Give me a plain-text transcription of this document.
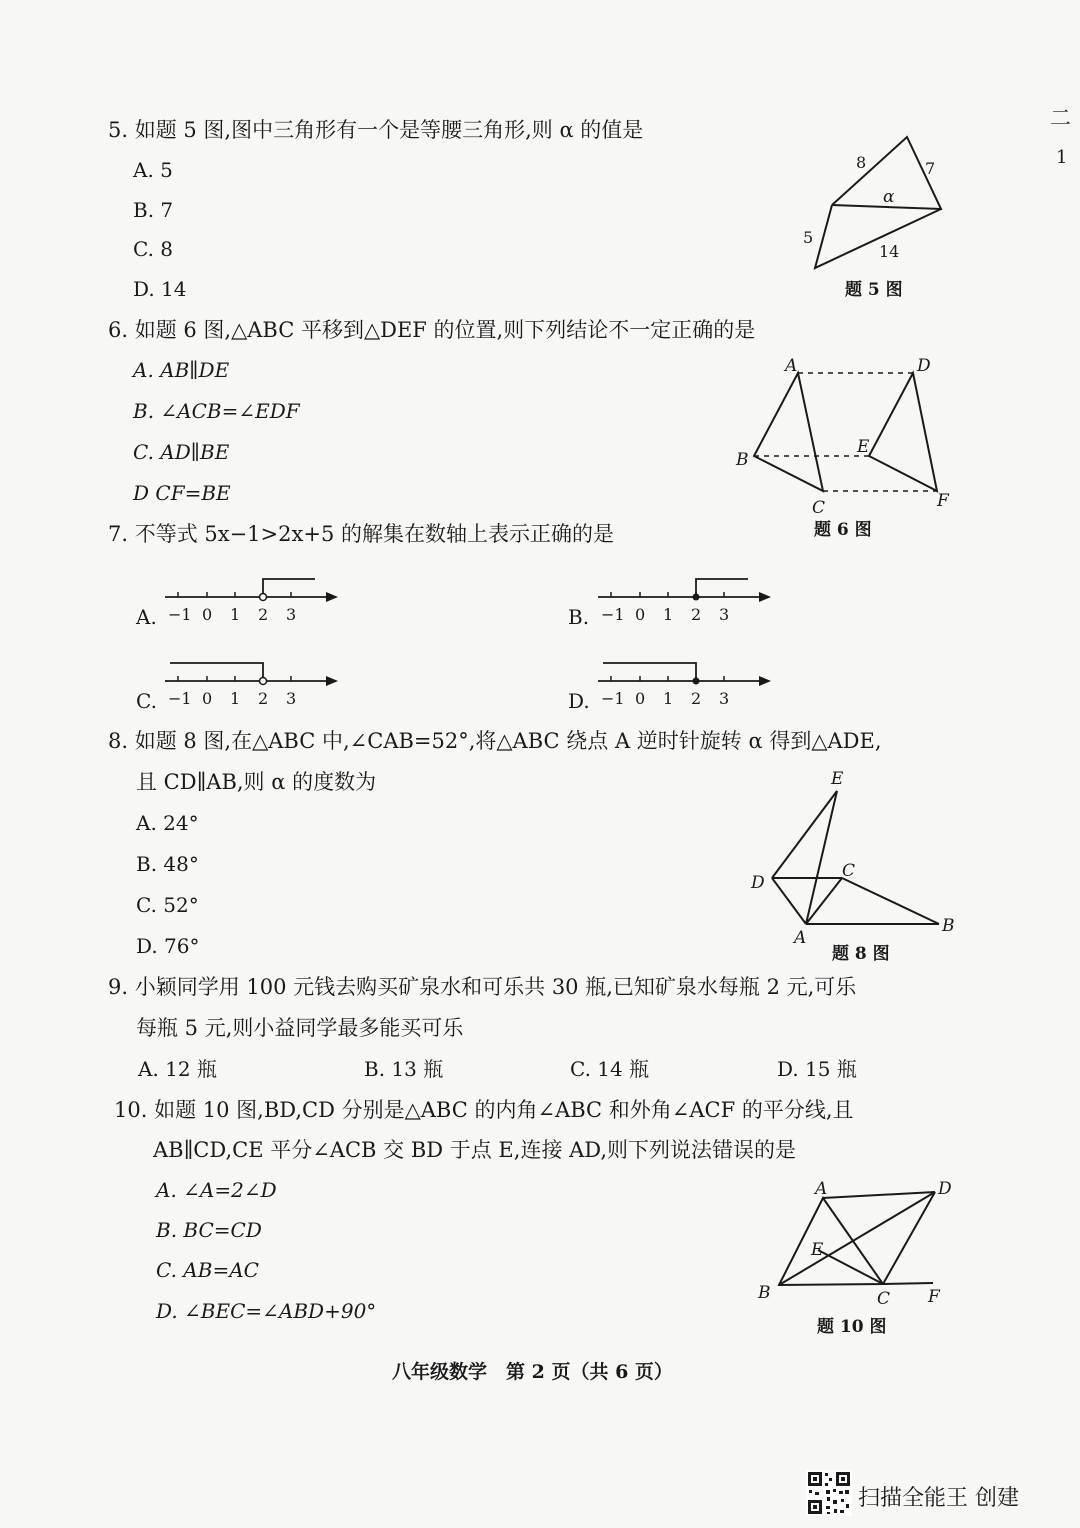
二
1
5. 如题 5 图,图中三角形有一个是等腰三角形,则 α 的值是
A. 5
B. 7
C. 8
D. 14
8	7
α
5
14
题 5 图
6. 如题 6 图,△ABC 平移到△DEF 的位置,则下列结论不一定正确的是
A. AB∥DE
B. ∠ACB=∠EDF
C. AD∥BE
D CF=BE
A	D
B
E
C	F
题 6 图
7. 不等式 5x−1>2x+5 的解集在数轴上表示正确的是
A.	B.
C.	D.
−1 0 1 2 3	−1 0 1 2 3
−1 0 1 2 3	−1 0 1 2 3
8. 如题 8 图,在△ABC 中,∠CAB=52°,将△ABC 绕点 A 逆时针旋转 α 得到△ADE,
且 CD∥AB,则 α 的度数为
A. 24°
B. 48°
C. 52°
D. 76°
E
D
C
A
B
题 8 图
9. 小颖同学用 100 元钱去购买矿泉水和可乐共 30 瓶,已知矿泉水每瓶 2 元,可乐
每瓶 5 元,则小益同学最多能买可乐
A. 12 瓶	B. 13 瓶	C. 14 瓶	D. 15 瓶
10. 如题 10 图,BD,CD 分别是△ABC 的内角∠ABC 和外角∠ACF 的平分线,且
AB∥CD,CE 平分∠ACB 交 BD 于点 E,连接 AD,则下列说法错误的是
A. ∠A=2∠D
B. BC=CD
C. AB=AC
D. ∠BEC=∠ABD+90°
A	D
E
B	C F
题 10 图
八年级数学　第 2 页（共 6 页）
扫描全能王 创建
